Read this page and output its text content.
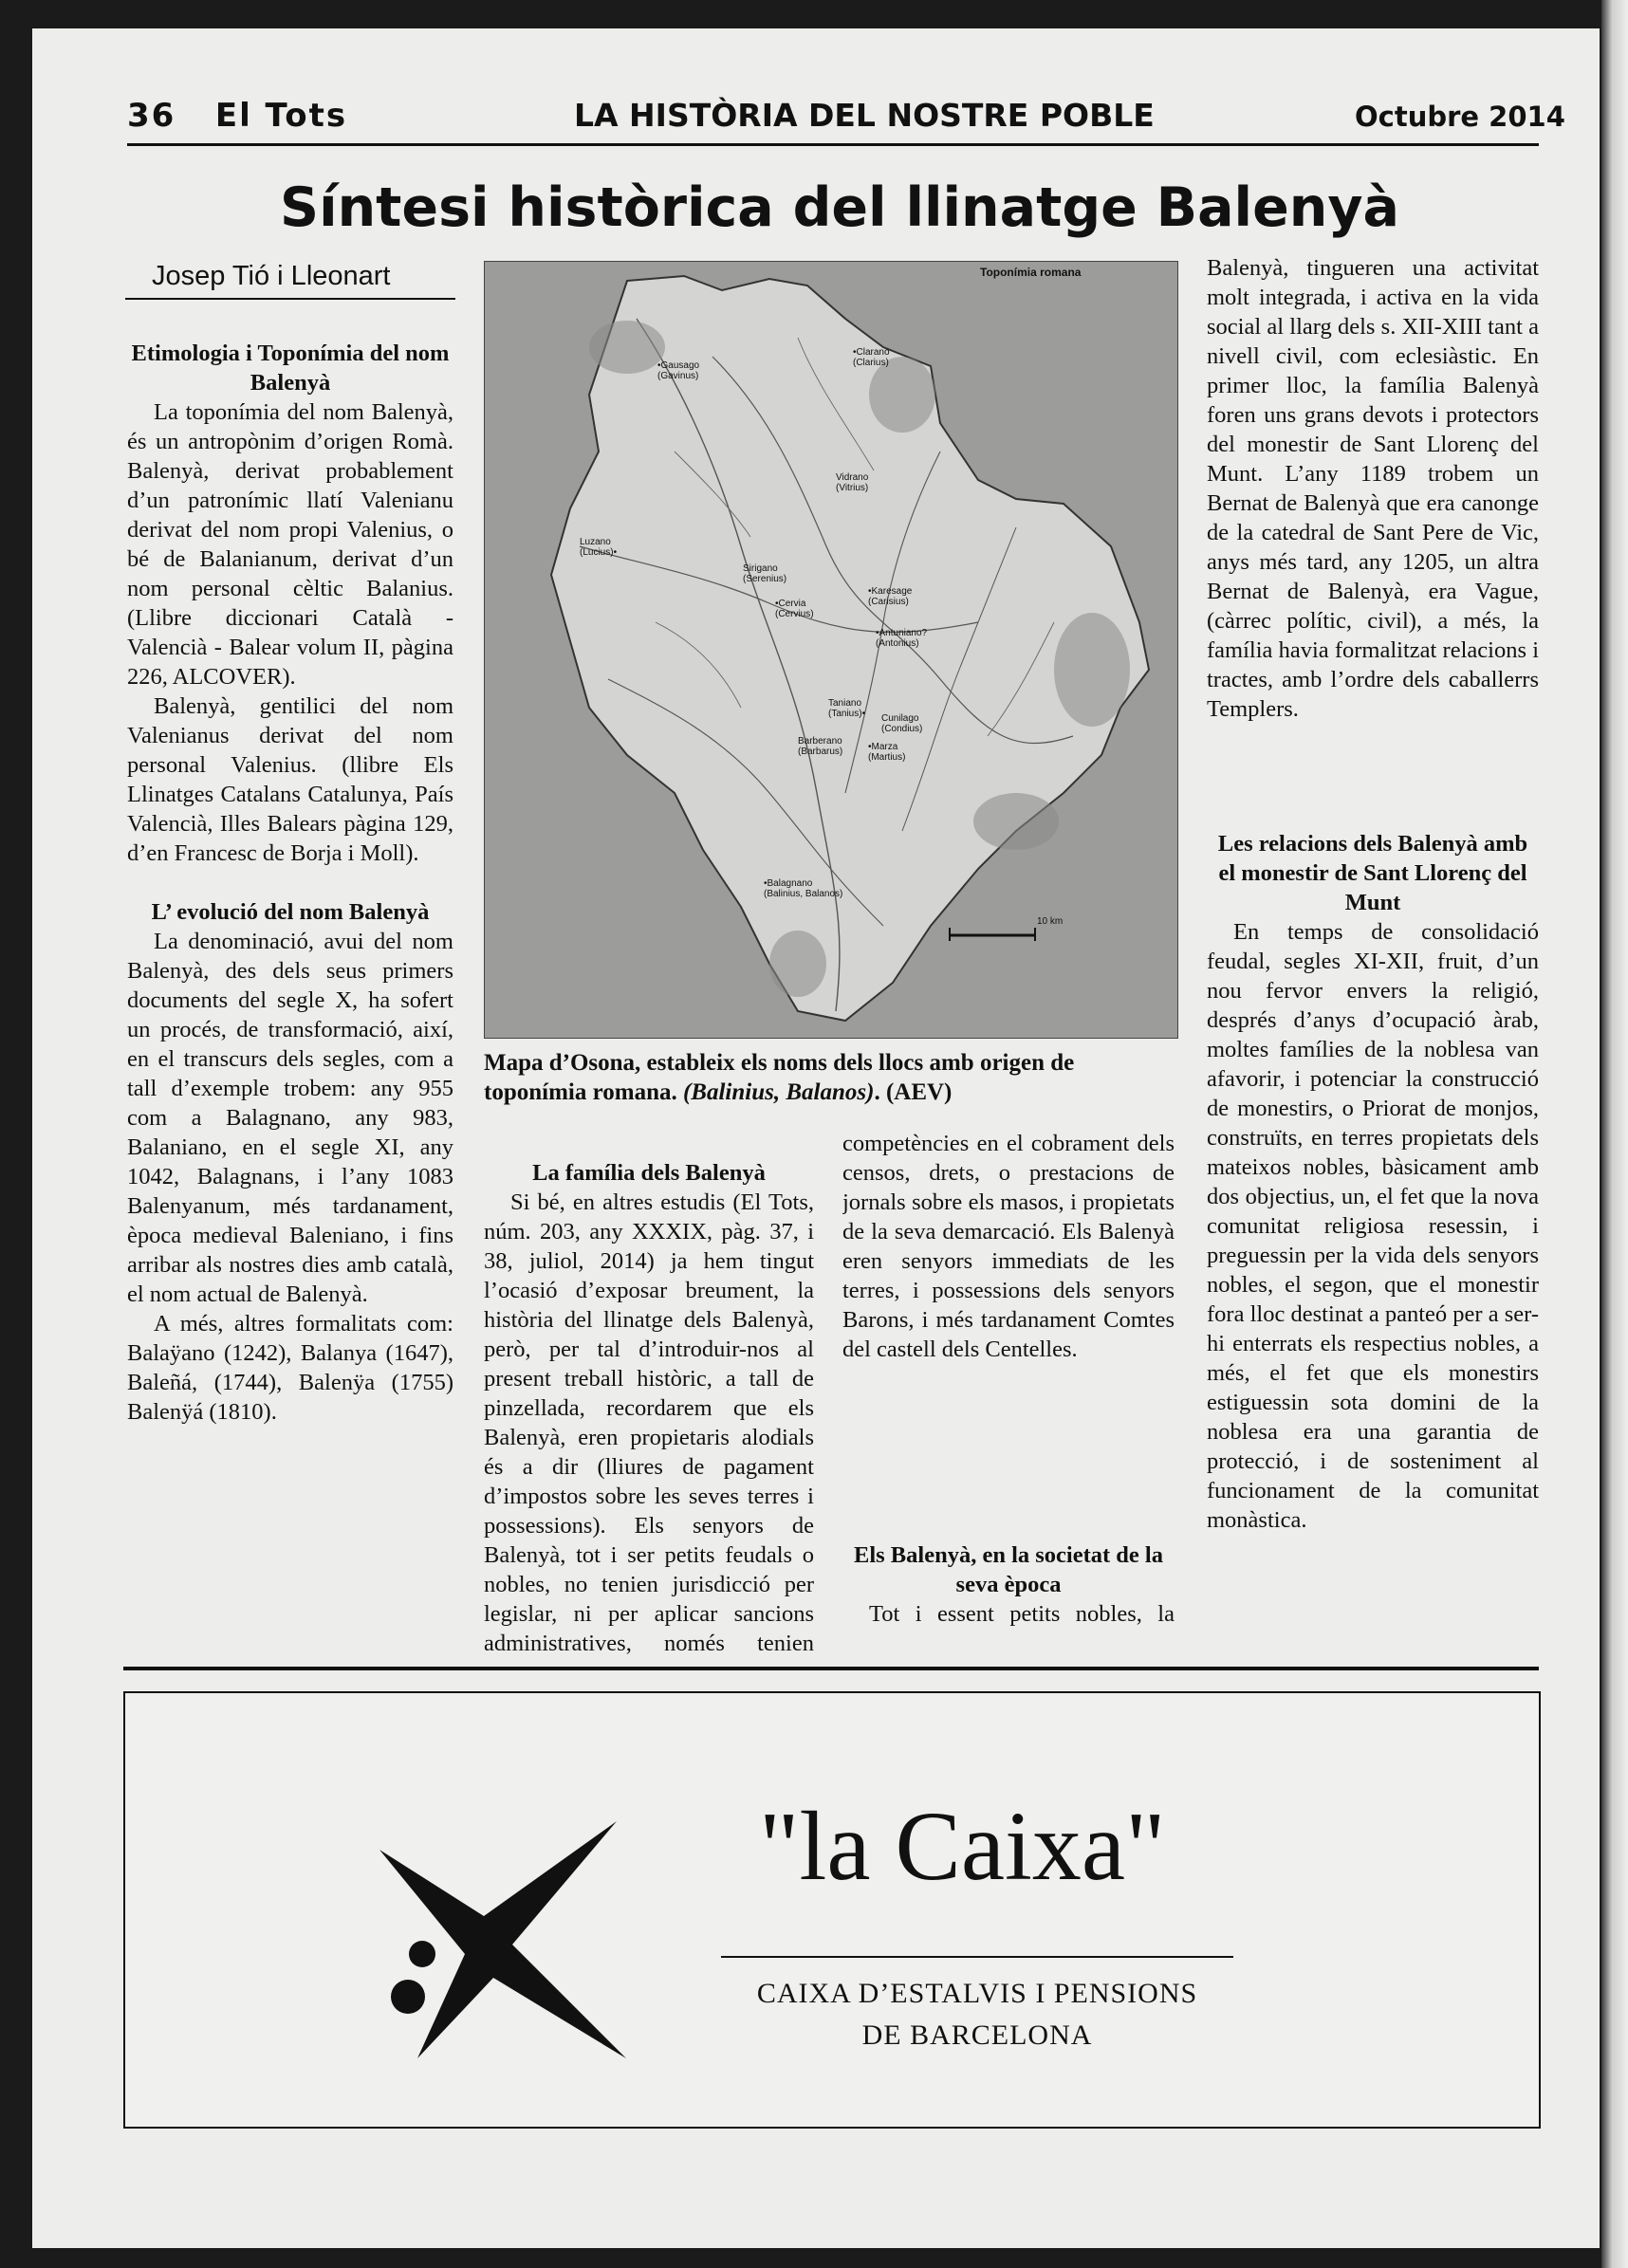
36 El Tots	LA HISTÒRIA DEL NOSTRE POBLE	Octubre 2014
Síntesi històrica del llinatge Balenyà
Josep Tió i Lleonart
Etimologia i Toponímia del nom Balenyà

La toponímia del nom Balenyà, és un antropònim d’origen Romà. Balenyà, derivat probablement d’un patronímic llatí Valenianu derivat del nom propi Valenius, o bé de Balanianum, derivat d’un nom personal cèltic Balanius. (Llibre diccionari Català - Valencià - Balear volum II, pàgina 226, ALCOVER).

Balenyà, gentilici del nom Valenianus derivat del nom personal Valenius. (llibre Els Llinatges Catalans Catalunya, País Valencià, Illes Balears pàgina 129, d’en Francesc de Borja i Moll).

L’ evolució del nom Balenyà

La denominació, avui del nom Balenyà, des dels seus primers documents del segle X, ha sofert un procés, de transformació, així, en el transcurs dels segles, com a tall d’exemple trobem: any 955 com a Balagnano, any 983, Balaniano, en el segle XI, any 1042, Balagnans, i l’any 1083 Balenyanum, més tardanament, època medieval Baleniano, i fins arribar als nostres dies amb català, el nom actual de Balenyà.

A més, altres formalitats com: Balaÿano (1242), Balanya (1647), Baleñá, (1744), Balenÿa (1755) Balenÿá (1810).

Toponímia romana
10 km
•Gausago
(Gavinus)
•Clarano
(Clarius)
Vidrano
(Vitrius)
Luzano
(Lucius)•
Sirigano
(Serenius)
•Cervia
(Cervius)
•Karesage
(Carisius)
•Antuniano?
(Antonius)
Taniano
(Tanius)• Cunilago
(Condius)
Barberano
(Barbarus)	•Marza
(Martius)
•Balagnano
(Balinius, Balanos)
Mapa d’Osona, estableix els noms dels llocs amb origen de toponímia romana. (Balinius, Balanos). (AEV)
La família dels Balenyà

Si bé, en altres estudis (El Tots, núm. 203, any XXXIX, pàg. 37, i 38, juliol, 2014) ja hem tingut l’ocasió d’exposar breument, la història del llinatge dels Balenyà, però, per tal d’introduir-nos al present treball històric, a tall de pinzellada, recordarem que els Balenyà, eren propietaris alodials és a dir (lliures de pagament d’impostos sobre les seves terres i possessions). Els senyors de Balenyà, tot i ser petits feudals o nobles, no tenien jurisdicció per legislar, ni per aplicar sancions administratives, només tenien

competències en el cobrament dels censos, drets, o prestacions de jornals sobre els masos, i propietats de la seva demarcació. Els Balenyà eren senyors immediats de les terres, i possessions dels senyors Barons, i més tardanament Comtes del castell dels Centelles.

Els Balenyà, en la societat de la seva època

Tot i essent petits nobles, la

Balenyà, tingueren una activitat molt integrada, i activa en la vida social al llarg dels s. XII-XIII tant a nivell civil, com eclesiàstic. En primer lloc, la família Balenyà foren uns grans devots i protectors del monestir de Sant Llorenç del Munt. L’any 1189 trobem un Bernat de Balenyà que era canonge de la catedral de Sant Pere de Vic, anys més tard, any 1205, un altra Bernat de Balenyà, era Vague, (càrrec polític, civil), a més, la família havia formalitzat relacions i tractes, amb l’ordre dels caballerrs Templers.

Les relacions dels Balenyà amb el monestir de Sant Llorenç del Munt

En temps de consolidació feudal, segles XI-XII, fruit, d’un nou fervor envers la religió, després d’anys d’ocupació àrab, moltes famílies de la noblesa van afavorir, i potenciar la construcció de monestirs, o Priorat de monjos, construïts, en terres propietats dels mateixos nobles, bàsicament amb dos objectius, un, el fet que la nova comunitat religiosa resessin, i preguessin per la vida dels senyors nobles, el segon, que el monestir fora lloc destinat a panteó per a ser-hi enterrats els respectius nobles, a més, el fet que els monestirs estiguessin sota domini de la noblesa era una garantia de protecció, i de sosteniment al funcionament de la comunitat monàstica.

"la Caixa"
CAIXA D’ESTALVIS I PENSIONS
DE BARCELONA
